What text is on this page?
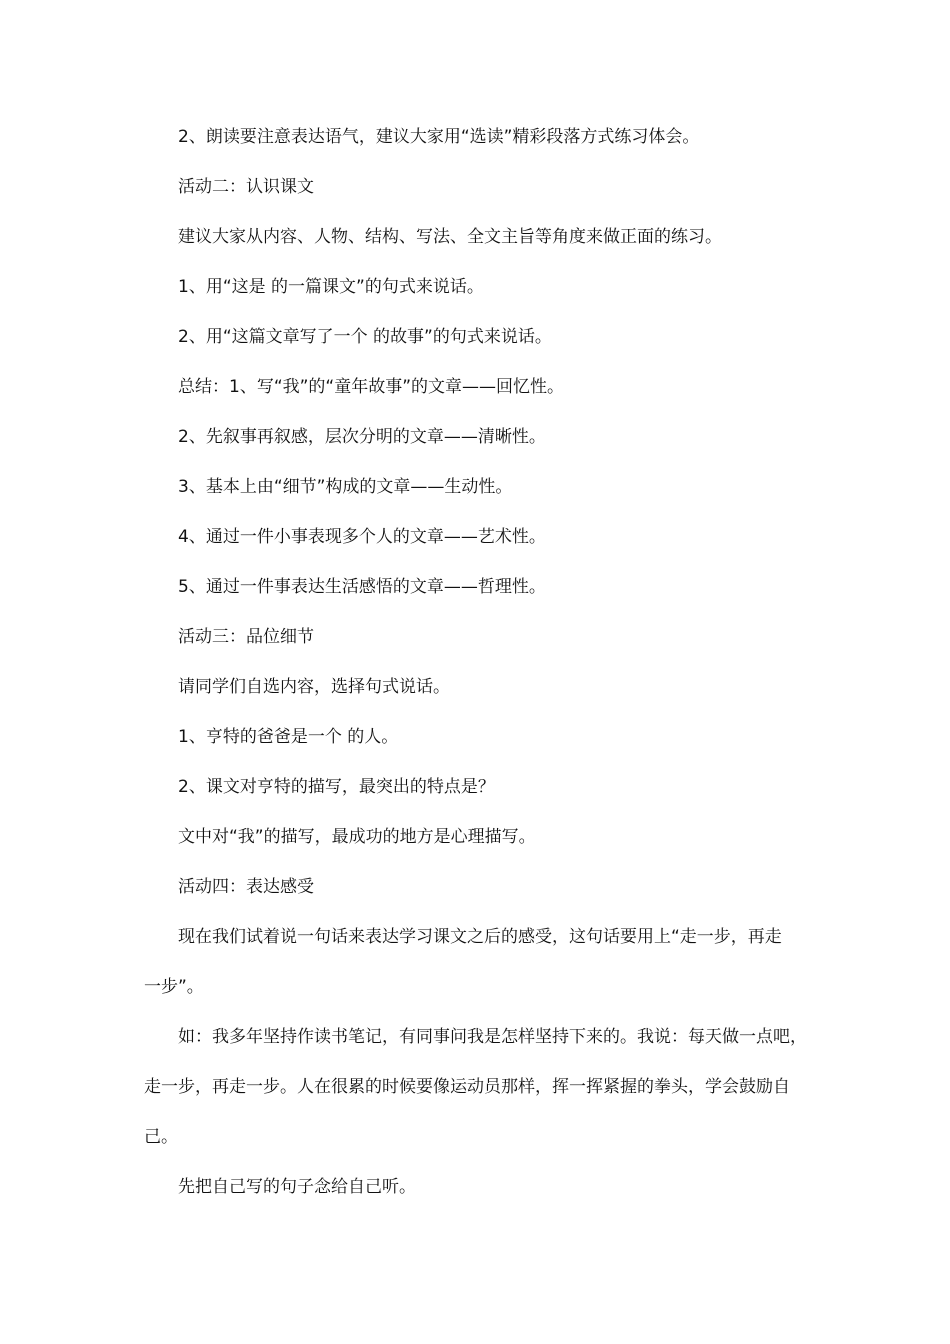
2、朗读要注意表达语气，建议大家用“选读”精彩段落方式练习体会。
活动二：认识课文
建议大家从内容、人物、结构、写法、全文主旨等角度来做正面的练习。
1、用“这是 的一篇课文”的句式来说话。
2、用“这篇文章写了一个 的故事”的句式来说话。
总结：1、写“我”的“童年故事”的文章——回忆性。
2、先叙事再叙感，层次分明的文章——清晰性。
3、基本上由“细节”构成的文章——生动性。
4、通过一件小事表现多个人的文章——艺术性。
5、通过一件事表达生活感悟的文章——哲理性。
活动三：品位细节
请同学们自选内容，选择句式说话。
1、亨特的爸爸是一个 的人。
2、课文对亨特的描写，最突出的特点是？
文中对“我”的描写，最成功的地方是心理描写。
活动四：表达感受
现在我们试着说一句话来表达学习课文之后的感受，这句话要用上“走一步，再走
一步”。
如：我多年坚持作读书笔记，有同事问我是怎样坚持下来的。我说：每天做一点吧，
走一步，再走一步。人在很累的时候要像运动员那样，挥一挥紧握的拳头，学会鼓励自
己。
先把自己写的句子念给自己听。
